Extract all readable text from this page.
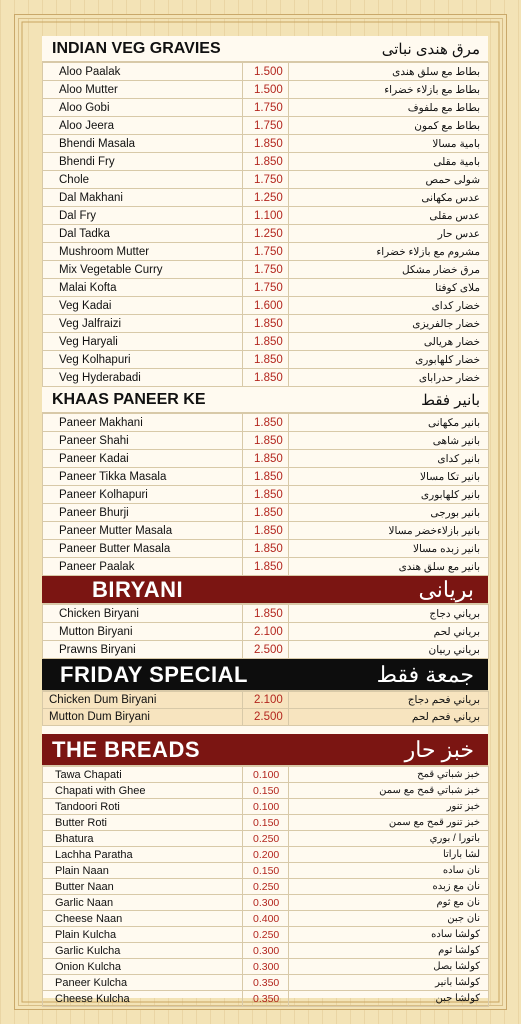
INDIAN VEG GRAVIES	مرق هندى نباتى
Aloo Paalak	1.500	بطاط مع سلق هندى
Aloo Mutter	1.500	بطاط مع بازلاء خضراء
Aloo Gobi	1.750	بطاط مع ملفوف
Aloo Jeera	1.750	بطاط مع كمون
Bhendi Masala	1.850	بامية مسالا
Bhendi Fry	1.850	بامية مقلى
Chole	1.750	شولى حمص
Dal Makhani	1.250	عدس مكهانى
Dal Fry	1.100	عدس مقلى
Dal Tadka	1.250	عدس حار
Mushroom Mutter	1.750	مشروم مع بازلاء خضراء
Mix Vegetable Curry	1.750	مرق خضار مشكل
Malai Kofta	1.750	ملاى كوفتا
Veg Kadai	1.600	خضار كداى
Veg Jalfraizi	1.850	خضار جالفريزى
Veg Haryali	1.850	خضار هريالى
Veg Kolhapuri	1.850	خضار كلهابورى
Veg Hyderabadi	1.850	خضار حدراباى
KHAAS PANEER KE	بانير فقط
Paneer Makhani	1.850	بانير مكهانى
Paneer Shahi	1.850	بانير شاهى
Paneer Kadai	1.850	بانير كداى
Paneer Tikka Masala	1.850	بانير تكا مسالا
Paneer Kolhapuri	1.850	بانير كلهابورى
Paneer Bhurji	1.850	بانير بورجى
Paneer Mutter Masala	1.850	بانير بازلاءخضر مسالا
Paneer Butter Masala	1.850	بانير زبده مسالا
Paneer Paalak	1.850	بانير مع سلق هندى
BIRYANI	بريانى
Chicken Biryani	1.850	برياني دجاج
Mutton Biryani	2.100	برياني لحم
Prawns Biryani	2.500	برياني ربيان
FRIDAY SPECIAL	جمعة فقط
Chicken Dum Biryani	2.100	برياني فحم دجاج
Mutton Dum Biryani	2.500	برياني فحم لحم
THE BREADS	خبز حار
Tawa Chapati	0.100	خبز شباتي قمح
Chapati with Ghee	0.150	خبز شباتي قمح مع سمن
Tandoori Roti	0.100	خبز تنور
Butter Roti	0.150	خبز تنور قمح مع سمن
Bhatura	0.250	باتورا / بوري
Lachha Paratha	0.200	لشا باراتا
Plain Naan	0.150	نان ساده
Butter Naan	0.250	نان مع زبده
Garlic Naan	0.300	نان مع ثوم
Cheese Naan	0.400	نان جبن
Plain Kulcha	0.250	كولشا ساده
Garlic Kulcha	0.300	كولشا ثوم
Onion Kulcha	0.300	كولشا بصل
Paneer Kulcha	0.350	كولشا بانير
Cheese Kulcha	0.350	كولشا جبن
